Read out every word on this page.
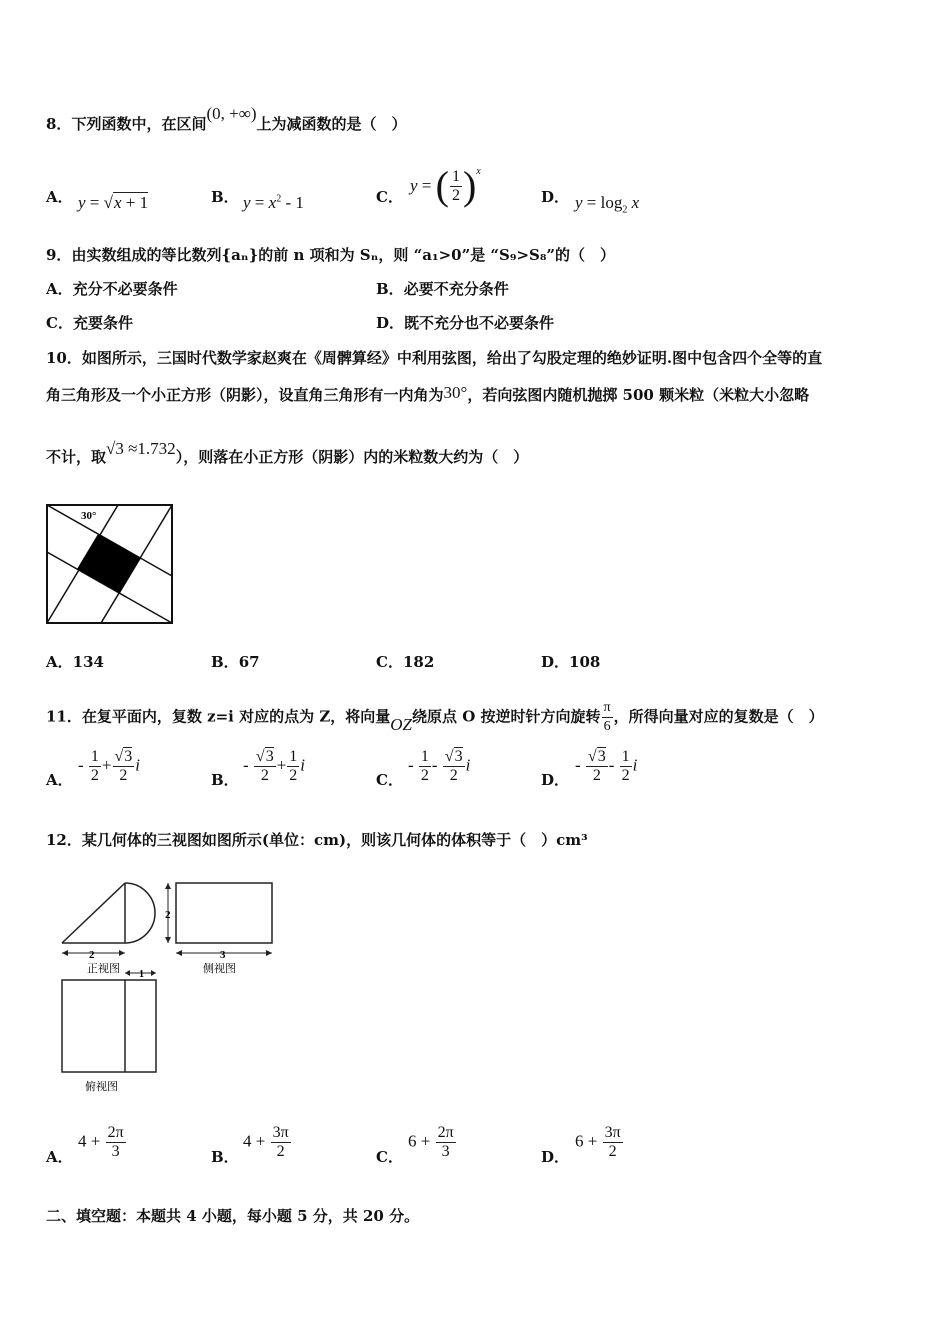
8．下列函数中，在区间(0, +∞)上为减函数的是（　）
A． y = √x + 1	B． $y = x^2 - 1$	C．
y = ( $\frac{1}{2} )^x$
D． $y = \log_2 x$
9．由实数组成的等比数列{aₙ}的前 n 项和为 Sₙ，则 “a₁>0”是 “S₉>S₈”的（　）
A．充分不必要条件	B．必要不充分条件
C．充要条件	D．既不充分也不必要条件
10．如图所示，三国时代数学家赵爽在《周髀算经》中利用弦图，给出了勾股定理的绝妙证明.图中包含四个全等的直
角三角形及一个小正方形（阴影），设直角三角形有一内角为30°，若向弦图内随机抛掷 500 颗米粒（米粒大小忽略
不计，取√3 ≈1.732），则落在小正方形（阴影）内的米粒数大约为（　）
30°
A．134	B．67	C．182	D．108
11．在复平面内，复数 z=i 对应的点为 Z，将向量OZ绕原点 O 按逆时针方向旋转 $\frac{\pi}{6}$ ，所得向量对应的复数是（　）
A．
- $\frac{1}{2} + \frac{√3}{2}$ i
B．
- $\frac{√3}{2} + \frac{1}{2}$ i
C．
- $\frac{1}{2} - \frac{√3}{2}$ i
D．
- $\frac{√3}{2} - \frac{1}{2}$ i
12．某几何体的三视图如图所示(单位：cm)，则该几何体的体积等于（　）cm³
2
正视图
2
3
侧视图
1
俯视图
A．
$4 + \frac{2\pi}{3}$	B．
$4 + \frac{3\pi}{2}$	C．
$6 + \frac{2\pi}{3}$	D．
$6 + \frac{3\pi}{2}$
二、填空题：本题共 4 小题，每小题 5 分，共 20 分。
